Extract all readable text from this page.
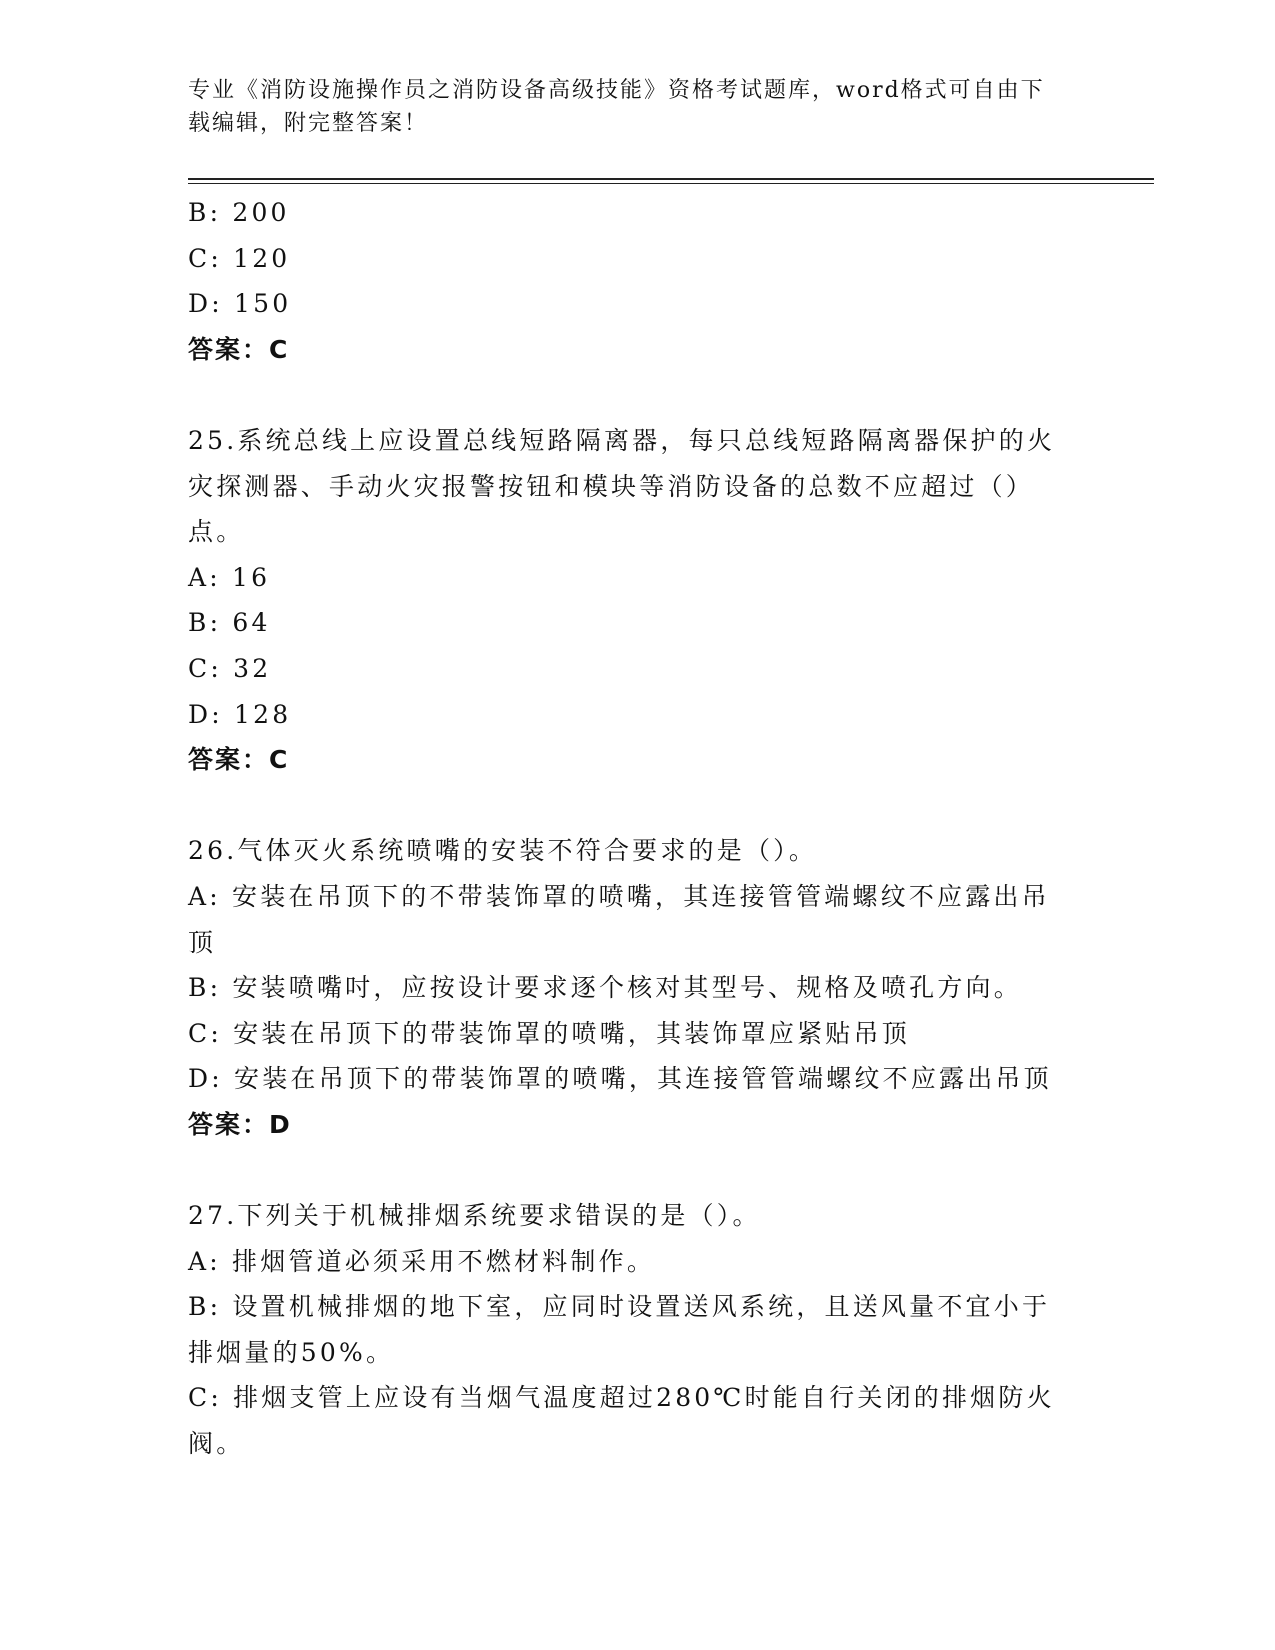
专业《消防设施操作员之消防设备高级技能》资格考试题库，word格式可自由下
载编辑，附完整答案！
B: 200
C: 120
D: 150
答案：C
25.系统总线上应设置总线短路隔离器，每只总线短路隔离器保护的火
灾探测器、手动火灾报警按钮和模块等消防设备的总数不应超过（）
点。
A: 16
B: 64
C: 32
D: 128
答案：C
26.气体灭火系统喷嘴的安装不符合要求的是（）。
A: 安装在吊顶下的不带装饰罩的喷嘴，其连接管管端螺纹不应露出吊
顶
B: 安装喷嘴吋，应按设计要求逐个核对其型号、规格及喷孔方向。
C: 安装在吊顶下的带装饰罩的喷嘴，其装饰罩应紧贴吊顶
D: 安装在吊顶下的带装饰罩的喷嘴，其连接管管端螺纹不应露出吊顶
答案：D
27.下列关于机械排烟系统要求错误的是（）。
A: 排烟管道必须采用不燃材料制作。
B: 设置机械排烟的地下室，应同时设置送风系统，且送风量不宜小于
排烟量的50%。
C: 排烟支管上应设有当烟气温度超过280℃时能自行关闭的排烟防火
阀。
